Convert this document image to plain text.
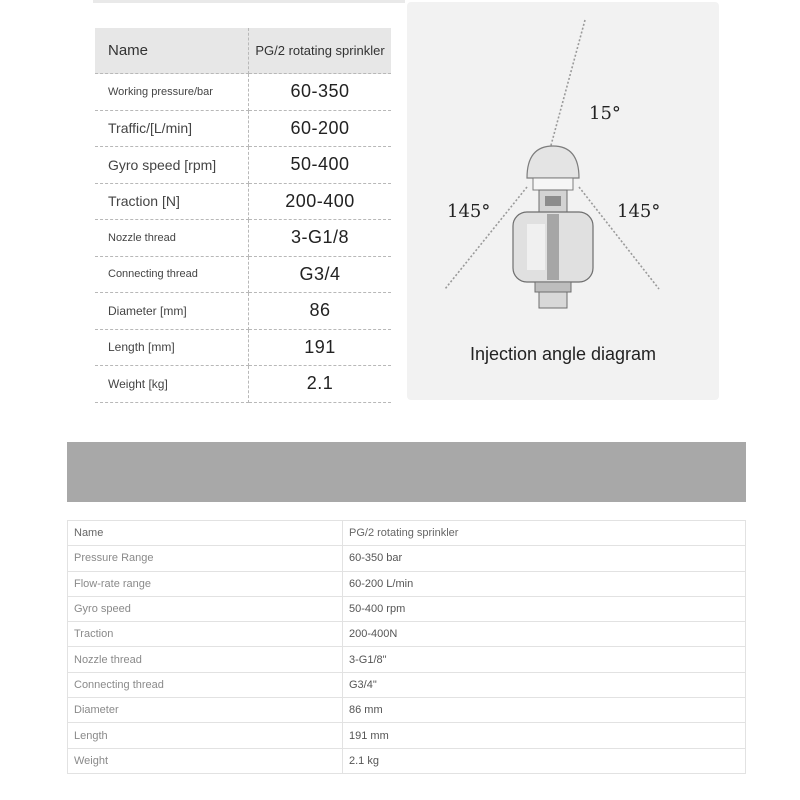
Name	PG/2 rotating sprinkler
Working pressure/bar	60-350
Traffic/[L/min]	60-200
Gyro speed [rpm]	50-400
Traction [N]	200-400
Nozzle thread	3-G1/8
Connecting thread	G3/4
Diameter [mm]	86
Length [mm]	191
Weight [kg]	2.1
15°
145°	145°
Injection angle diagram
Name	PG/2 rotating sprinkler
Pressure Range	60-350 bar
Flow-rate range	60-200 L/min
Gyro speed	50-400 rpm
Traction	200-400N
Nozzle thread	3-G1/8"
Connecting thread	G3/4"
Diameter	86 mm
Length	191 mm
Weight	2.1 kg
